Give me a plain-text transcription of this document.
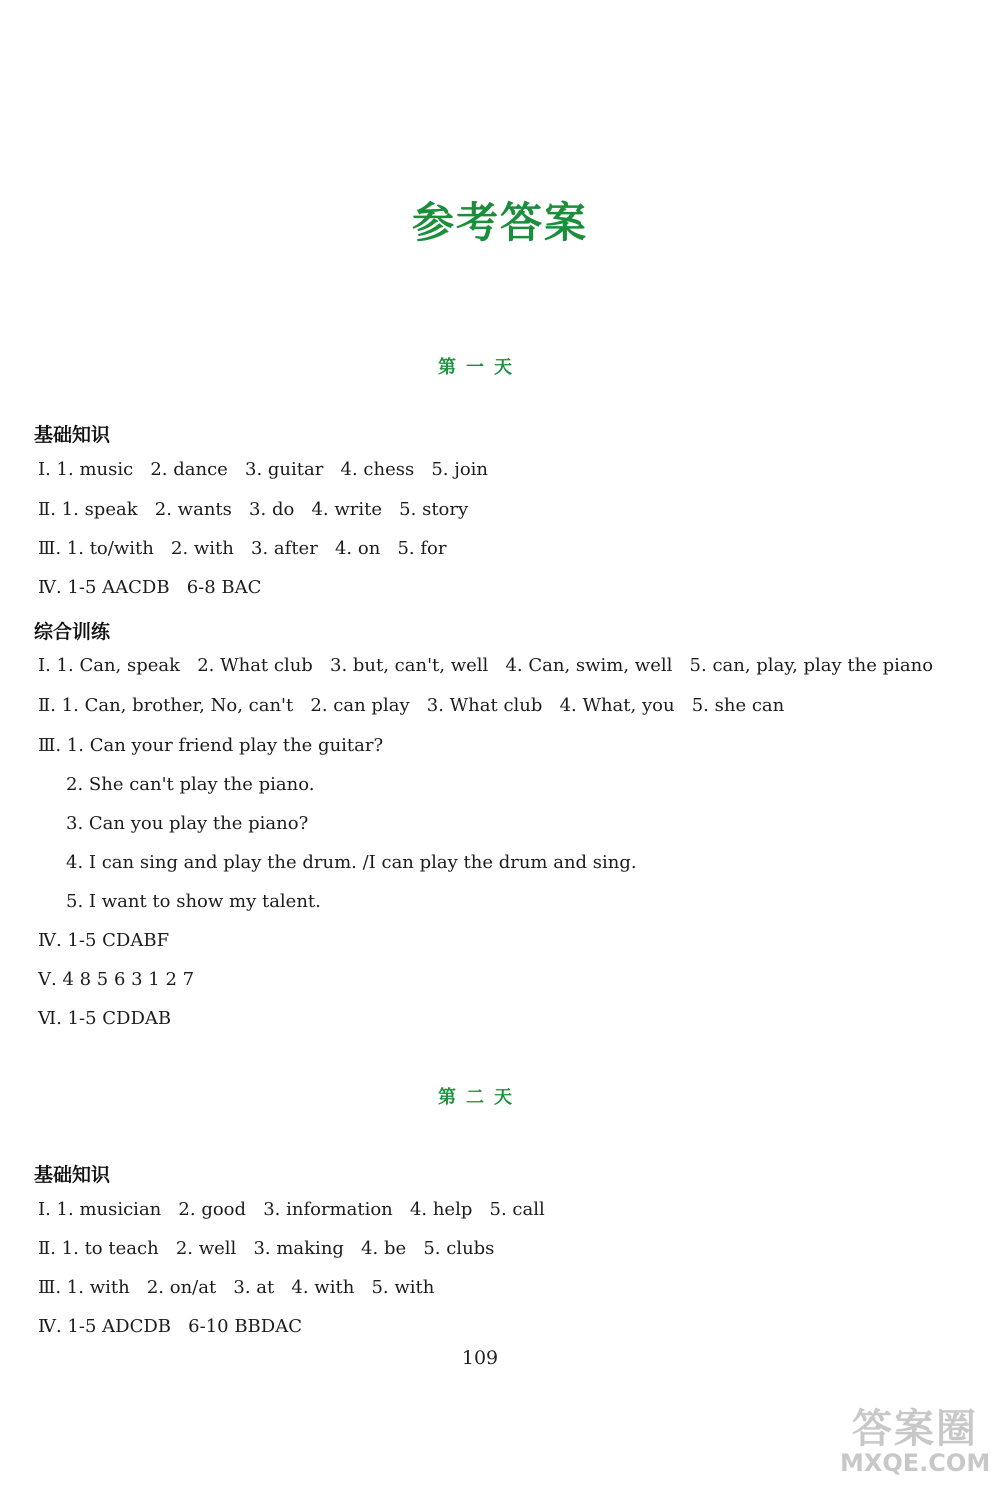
参考答案
第一天
基础知识
Ⅰ. 1. music   2. dance   3. guitar   4. chess   5. join
Ⅱ. 1. speak   2. wants   3. do   4. write   5. story
Ⅲ. 1. to/with   2. with   3. after   4. on   5. for
Ⅳ. 1-5 AACDB   6-8 BAC
综合训练
Ⅰ. 1. Can, speak   2. What club   3. but, can't, well   4. Can, swim, well   5. can, play, play the piano
Ⅱ. 1. Can, brother, No, can't   2. can play   3. What club   4. What, you   5. she can
Ⅲ. 1. Can your friend play the guitar?
2. She can't play the piano.
3. Can you play the piano?
4. I can sing and play the drum. /I can play the drum and sing.
5. I want to show my talent.
Ⅳ. 1-5 CDABF
Ⅴ. 4 8 5 6 3 1 2 7
Ⅵ. 1-5 CDDAB
第二天
基础知识
Ⅰ. 1. musician   2. good   3. information   4. help   5. call
Ⅱ. 1. to teach   2. well   3. making   4. be   5. clubs
Ⅲ. 1. with   2. on/at   3. at   4. with   5. with
Ⅳ. 1-5 ADCDB   6-10 BBDAC
109
答案圈
MXQE.COM
